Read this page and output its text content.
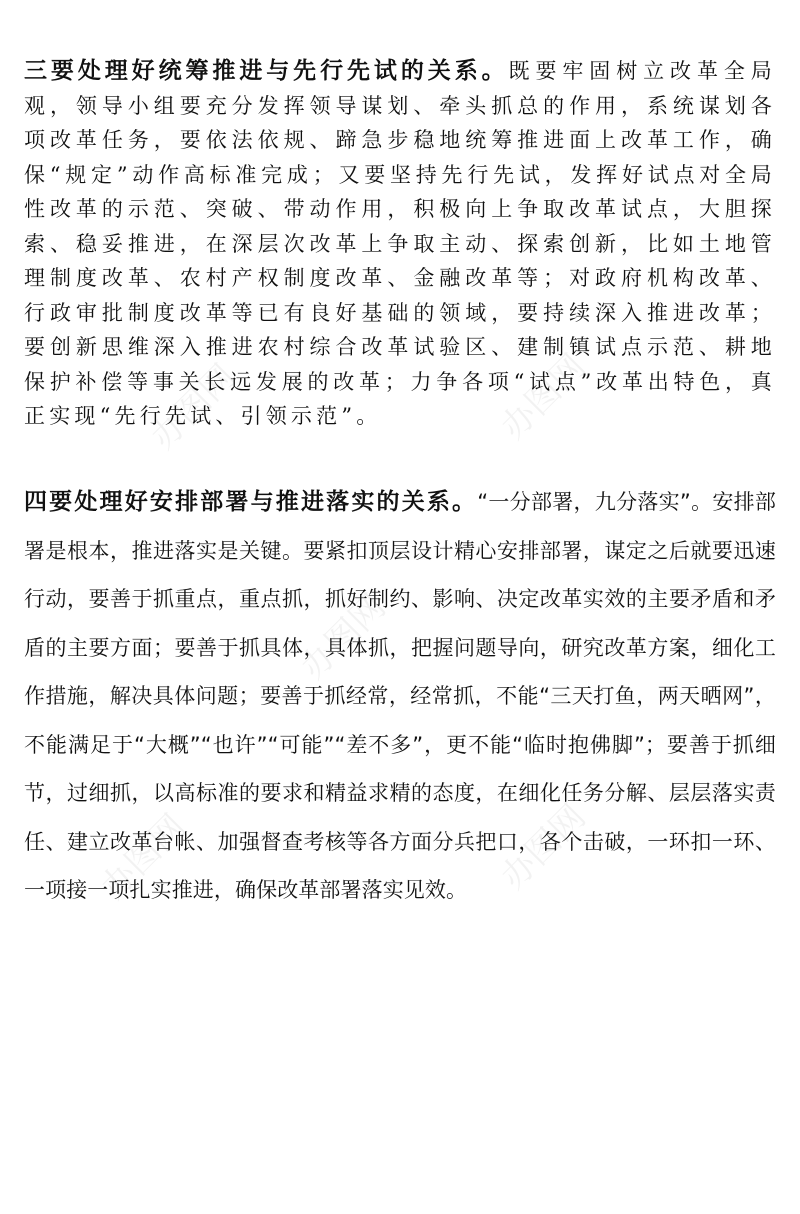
办图网	办图网
办图网
办图网	办图网

三要处理好统筹推进与先行先试的关系。既要牢固树立改革全局观，领导小组要充分发挥领导谋划、牵头抓总的作用，系统谋划各项改革任务，要依法依规、蹄急步稳地统筹推进面上改革工作，确保“规定”动作高标准完成；又要坚持先行先试，发挥好试点对全局性改革的示范、突破、带动作用，积极向上争取改革试点，大胆探索、稳妥推进，在深层次改革上争取主动、探索创新，比如土地管理制度改革、农村产权制度改革、金融改革等；对政府机构改革、行政审批制度改革等已有良好基础的领域，要持续深入推进改革；要创新思维深入推进农村综合改革试验区、建制镇试点示范、耕地保护补偿等事关长远发展的改革；力争各项“试点”改革出特色，真正实现“先行先试、引领示范”。

四要处理好安排部署与推进落实的关系。“一分部署，九分落实”。安排部署是根本，推进落实是关键。要紧扣顶层设计精心安排部署，谋定之后就要迅速行动，要善于抓重点，重点抓，抓好制约、影响、决定改革实效的主要矛盾和矛盾的主要方面；要善于抓具体，具体抓，把握问题导向，研究改革方案，细化工作措施，解决具体问题；要善于抓经常，经常抓，不能“三天打鱼，两天晒网”，不能满足于“大概”“也许”“可能”“差不多”，更不能“临时抱佛脚”；要善于抓细节，过细抓，以高标准的要求和精益求精的态度，在细化任务分解、层层落实责任、建立改革台帐、加强督查考核等各方面分兵把口，各个击破，一环扣一环、一项接一项扎实推进，确保改革部署落实见效。
